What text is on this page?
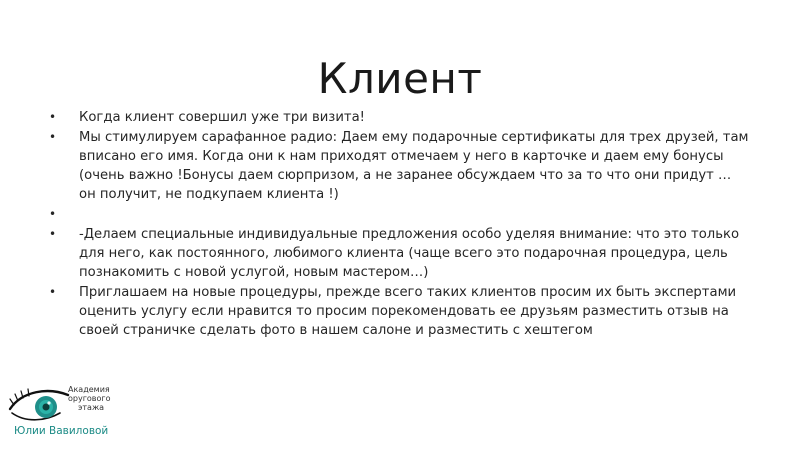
Клиент
• Когда клиент совершил уже три визита!
• Мы стимулируем сарафанное радио: Даем ему подарочные сертификаты для трех друзей, там вписано его имя. Когда они к нам приходят отмечаем у него в карточке и даем ему бонусы (очень важно !Бонусы даем сюрпризом, а не заранее обсуждаем что за то что они придут … он получит, не подкупаем клиента !)
•
• -Делаем специальные индивидуальные предложения особо уделяя внимание: что это только для него, как постоянного, любимого клиента (чаще всего это подарочная процедура, цель познакомить с новой услугой, новым мастером…)
• Приглашаем на новые процедуры, прежде всего таких клиентов просим их быть экспертами оценить услугу если нравится то просим порекомендовать ее друзьям разместить отзыв на своей страничке сделать фото в нашем салоне и разместить с хештегом
Академия
оругового
этажа
Юлии Вавиловой
